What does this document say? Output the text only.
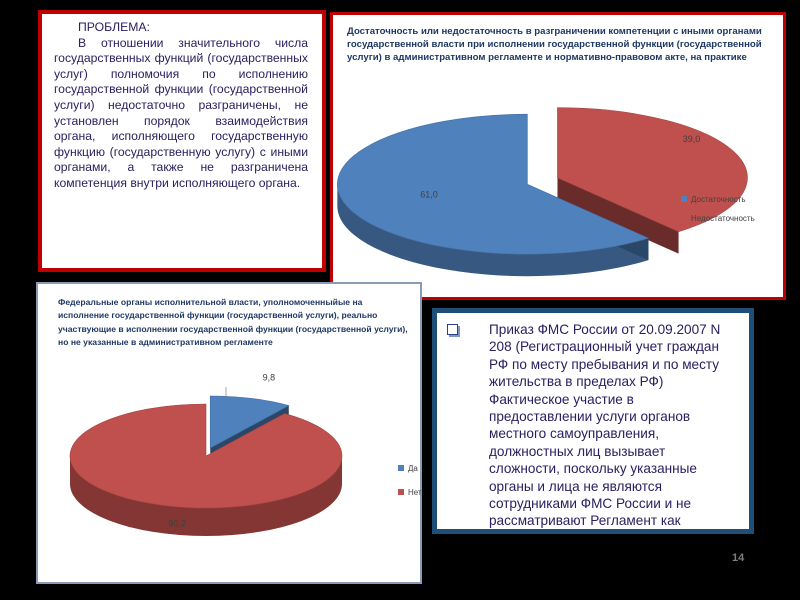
ПРОБЛЕМА:
В отношении значительного числа государственных функций (государственных услуг) полномочия по исполнению государственной функции (государственной услуги) недостаточно разграничены, не установлен порядок взаимодействия органа, исполняющего государственную функцию (государственную услугу) с иными органами, а также не разграничена компетенция внутри исполняющего органа.
Достаточность или недостаточность в разграничении компетенции с иными органами государственной власти при исполнении государственной функции (государственной услуги) в административном регламенте и нормативно-правовом акте, на практике
61,0
39,0
Достаточность
Недостаточность
Федеральные органы исполнительной власти, уполномоченныйые на исполнение государственной функции (государственной услуги), реально участвующие в исполнении государственной функции (государственной услуги), но не указанные в административном регламенте
9,8
90,2
Да
Нет
Приказ ФМС России от 20.09.2007 N 208 (Регистрационный учет граждан РФ по месту пребывания и по месту жительства в пределах РФ) Фактическое участие в предоставлении услуги органов местного самоуправления, должностных лиц вызывает сложности, поскольку указанные органы и лица не являются сотрудниками ФМС России и не рассматривают Регламент как
14
